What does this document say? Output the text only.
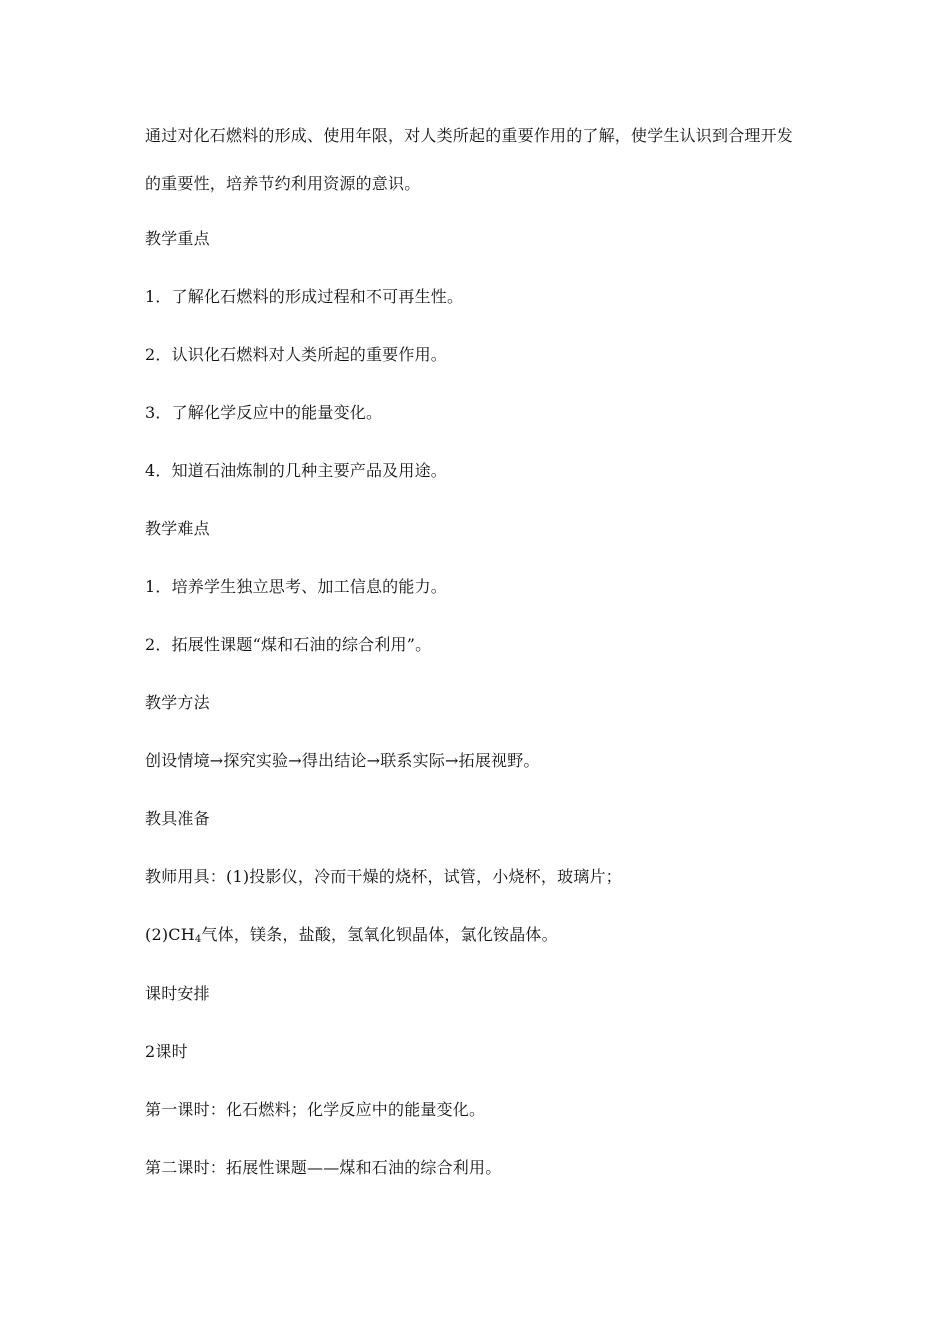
通过对化石燃料的形成、使用年限，对人类所起的重要作用的了解，使学生认识到合理开发的重要性，培养节约利用资源的意识。
教学重点
1．了解化石燃料的形成过程和不可再生性。
2．认识化石燃料对人类所起的重要作用。
3．了解化学反应中的能量变化。
4．知道石油炼制的几种主要产品及用途。
教学难点
1．培养学生独立思考、加工信息的能力。
2．拓展性课题“煤和石油的综合利用”。
教学方法
创设情境→探究实验→得出结论→联系实际→拓展视野。
教具准备
教师用具：(1)投影仪，冷而干燥的烧杯，试管，小烧杯，玻璃片；
$(2)CH_4$气体，镁条，盐酸，氢氧化钡晶体，氯化铵晶体。
课时安排
2课时
第一课时：化石燃料；化学反应中的能量变化。
第二课时：拓展性课题——煤和石油的综合利用。
